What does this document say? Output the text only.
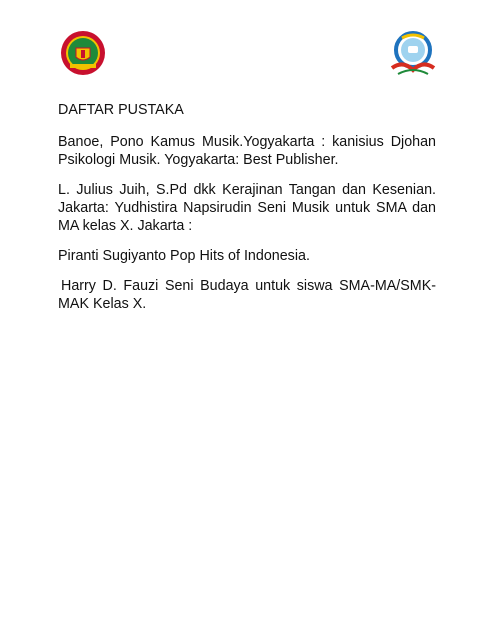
DAFTAR PUSTAKA

Banoe, Pono Kamus Musik.Yogyakarta : kanisius Djohan Psikologi Musik. Yogyakarta: Best Publisher.

L. Julius Juih, S.Pd dkk Kerajinan Tangan dan Kesenian. Jakarta: Yudhistira Napsirudin Seni Musik untuk SMA dan MA kelas X. Jakarta :

Piranti Sugiyanto Pop Hits of Indonesia.

Harry D. Fauzi Seni Budaya untuk siswa SMA-MA/SMK-MAK Kelas X.
